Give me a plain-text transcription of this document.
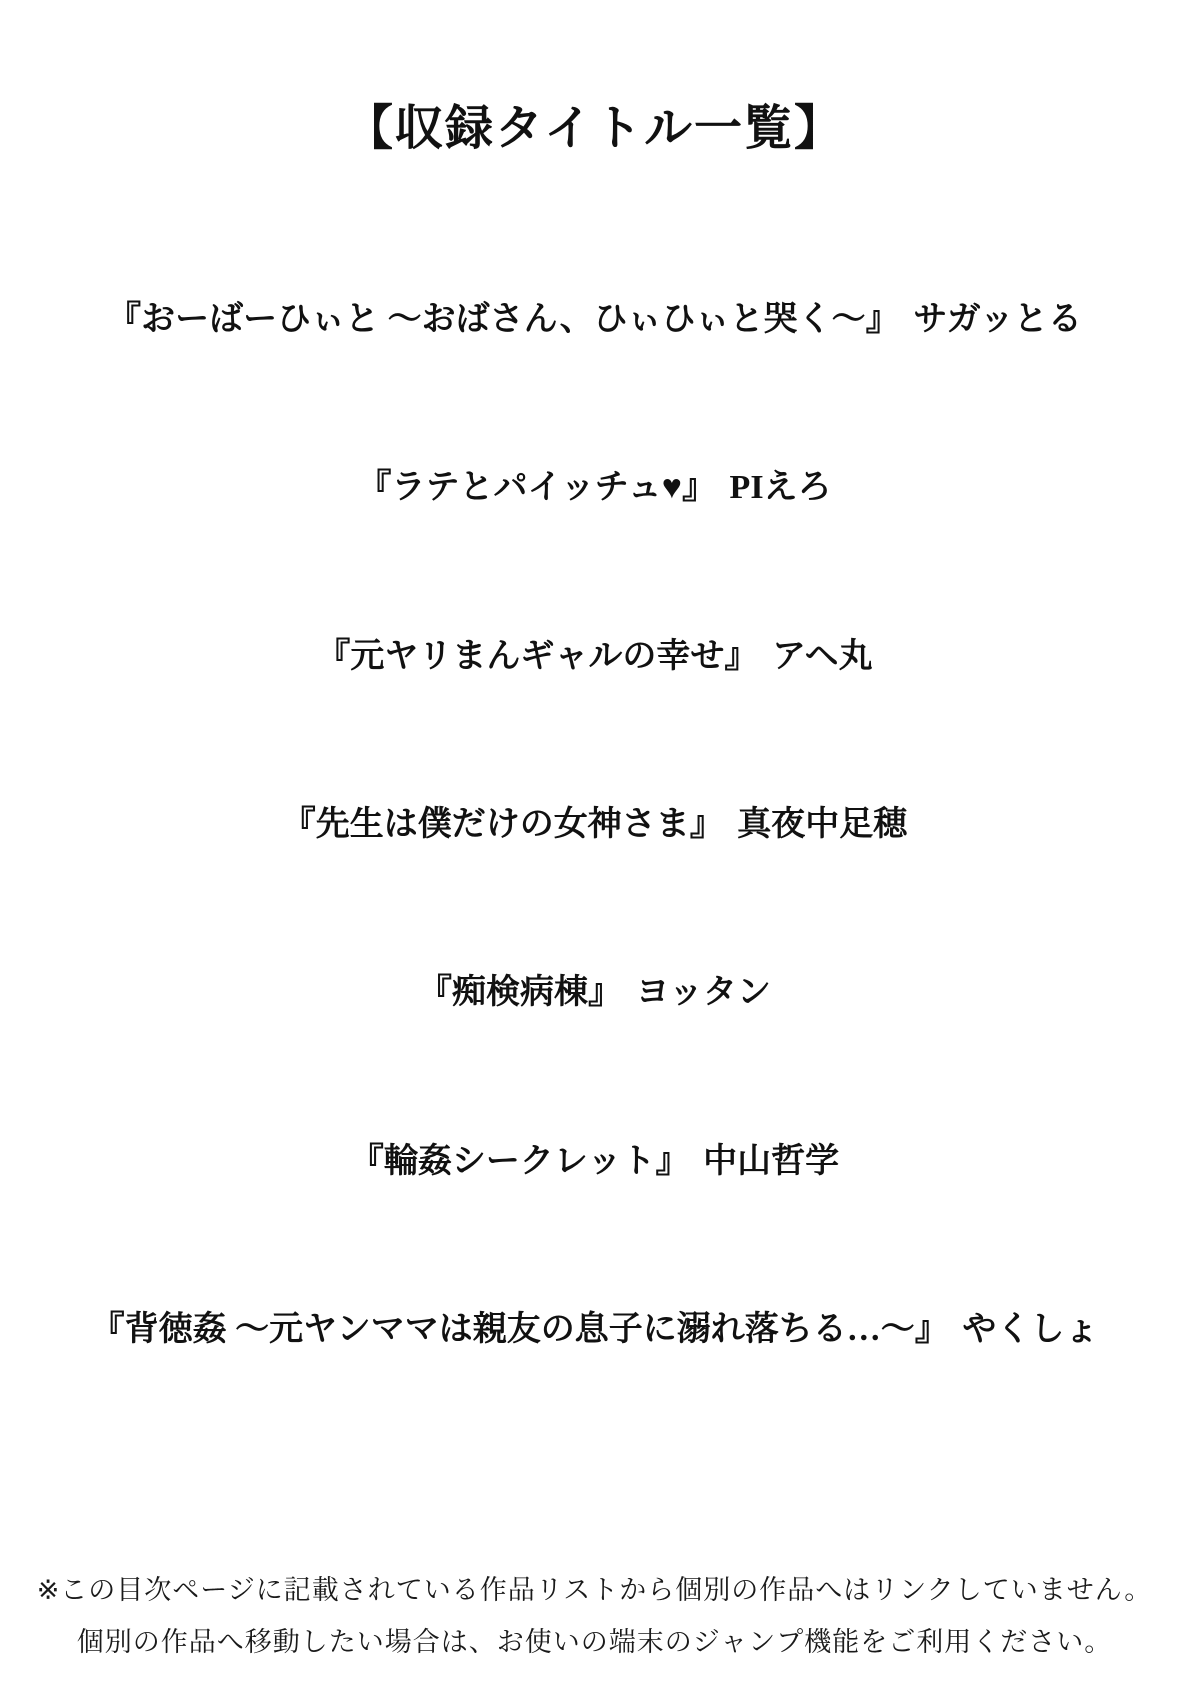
【収録タイトル一覧】
『おーばーひぃと ～おばさん、ひぃひぃと哭く～』 サガッとる
『ラテとパイッチュ♥』 PIえろ
『元ヤリまんギャルの幸せ』 アヘ丸
『先生は僕だけの女神さま』 真夜中足穂
『痴検病棟』 ヨッタン
『輪姦シークレット』 中山哲学
『背徳姦 ～元ヤンママは親友の息子に溺れ落ちる…～』 やくしょ
※この目次ページに記載されている作品リストから個別の作品へはリンクしていません。
個別の作品へ移動したい場合は、お使いの端末のジャンプ機能をご利用ください。
